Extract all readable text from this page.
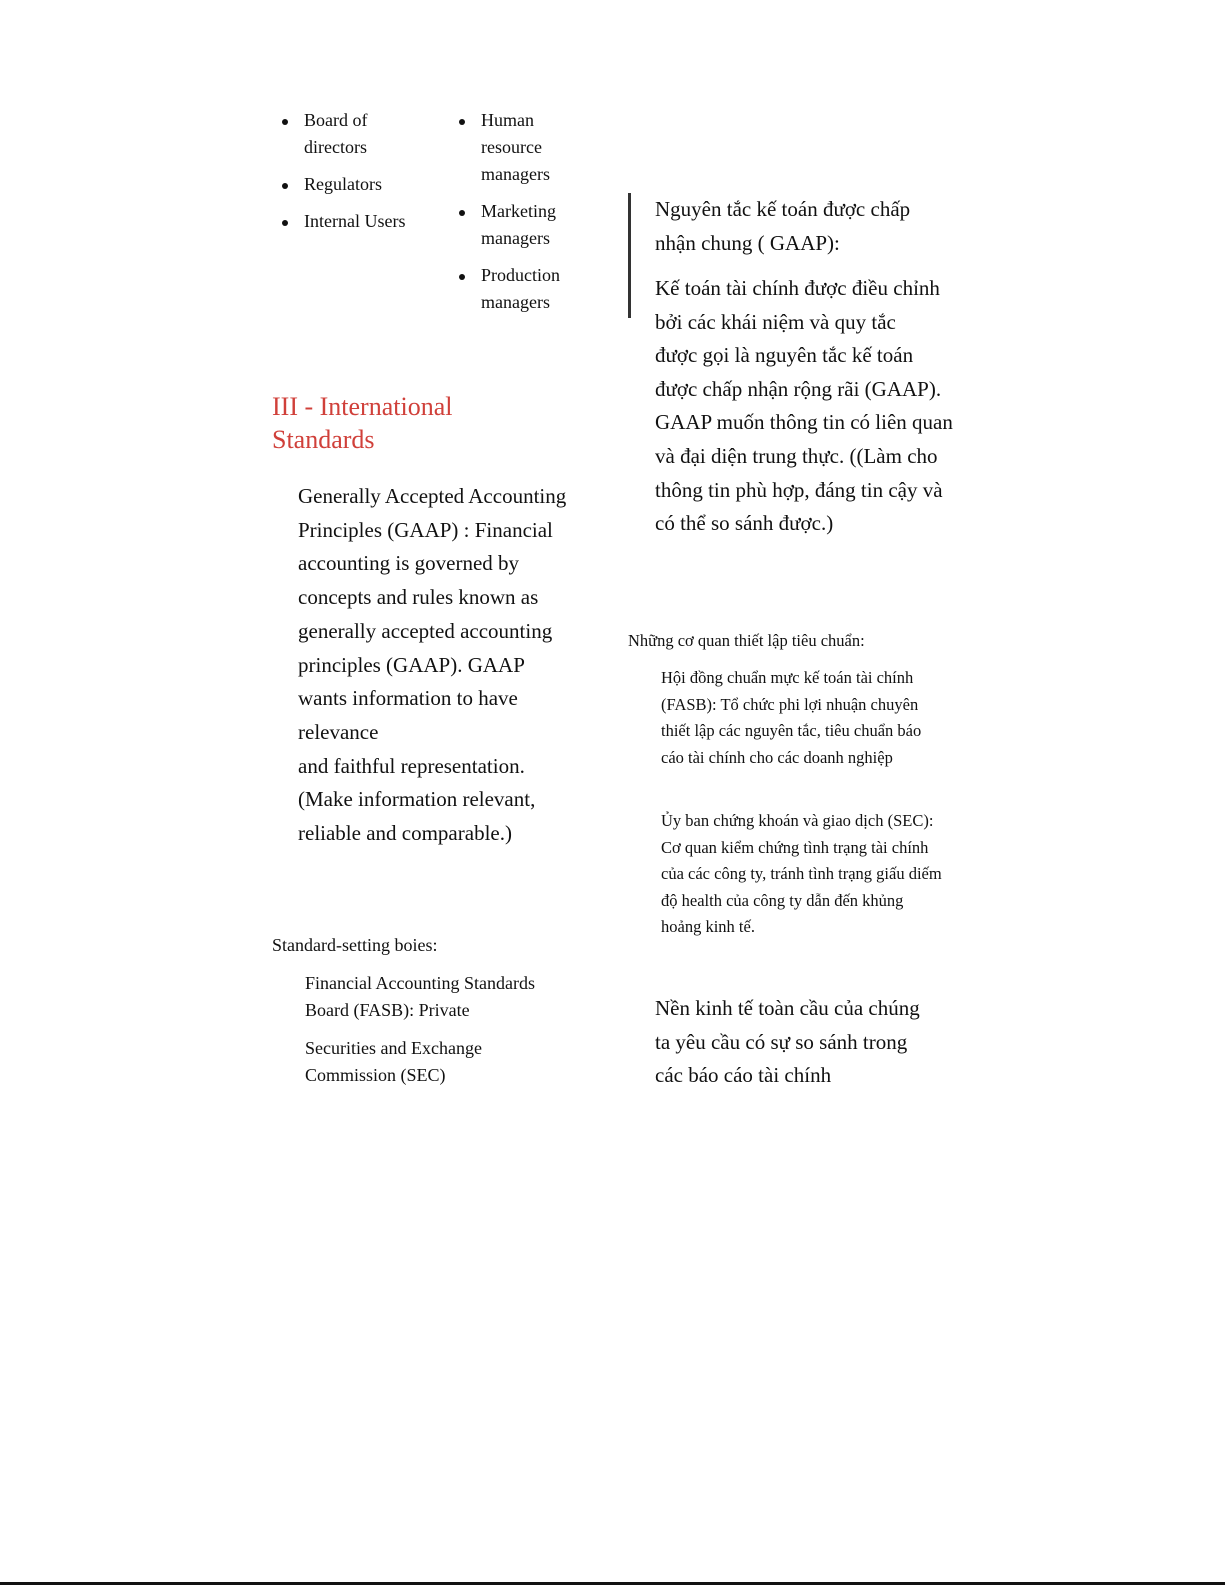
Board of directors
Regulators
Internal Users
Human resource managers
Marketing managers
Production managers
III - International Standards

Generally Accepted Accounting Principles (GAAP) : Financial accounting is governed by concepts and rules known as generally accepted accounting principles (GAAP). GAAP wants information to have relevance

and faithful representation. (Make information relevant, reliable and comparable.)

Standard-setting boies:
Financial Accounting Standards Board (FASB): Private
Securities and Exchange Commission (SEC)
Nguyên tắc kế toán được chấp nhận chung ( GAAP):

Kế toán tài chính được điều chỉnh bởi các khái niệm và quy tắc

được gọi là nguyên tắc kế toán được chấp nhận rộng rãi (GAAP). GAAP muốn thông tin có liên quan và đại diện trung thực. ((Làm cho thông tin phù hợp, đáng tin cậy và có thể so sánh được.)

Những cơ quan thiết lập tiêu chuẩn:
Hội đồng chuẩn mực kế toán tài chính (FASB): Tổ chức phi lợi nhuận chuyên thiết lập các nguyên tắc, tiêu chuẩn báo cáo tài chính cho các doanh nghiệp
Ủy ban chứng khoán và giao dịch (SEC): Cơ quan kiểm chứng tình trạng tài chính của các công ty, tránh tình trạng giấu diếm độ health của công ty dẫn đến khủng hoảng kinh tế.
Nền kinh tế toàn cầu của chúng ta yêu cầu có sự so sánh trong các báo cáo tài chính
